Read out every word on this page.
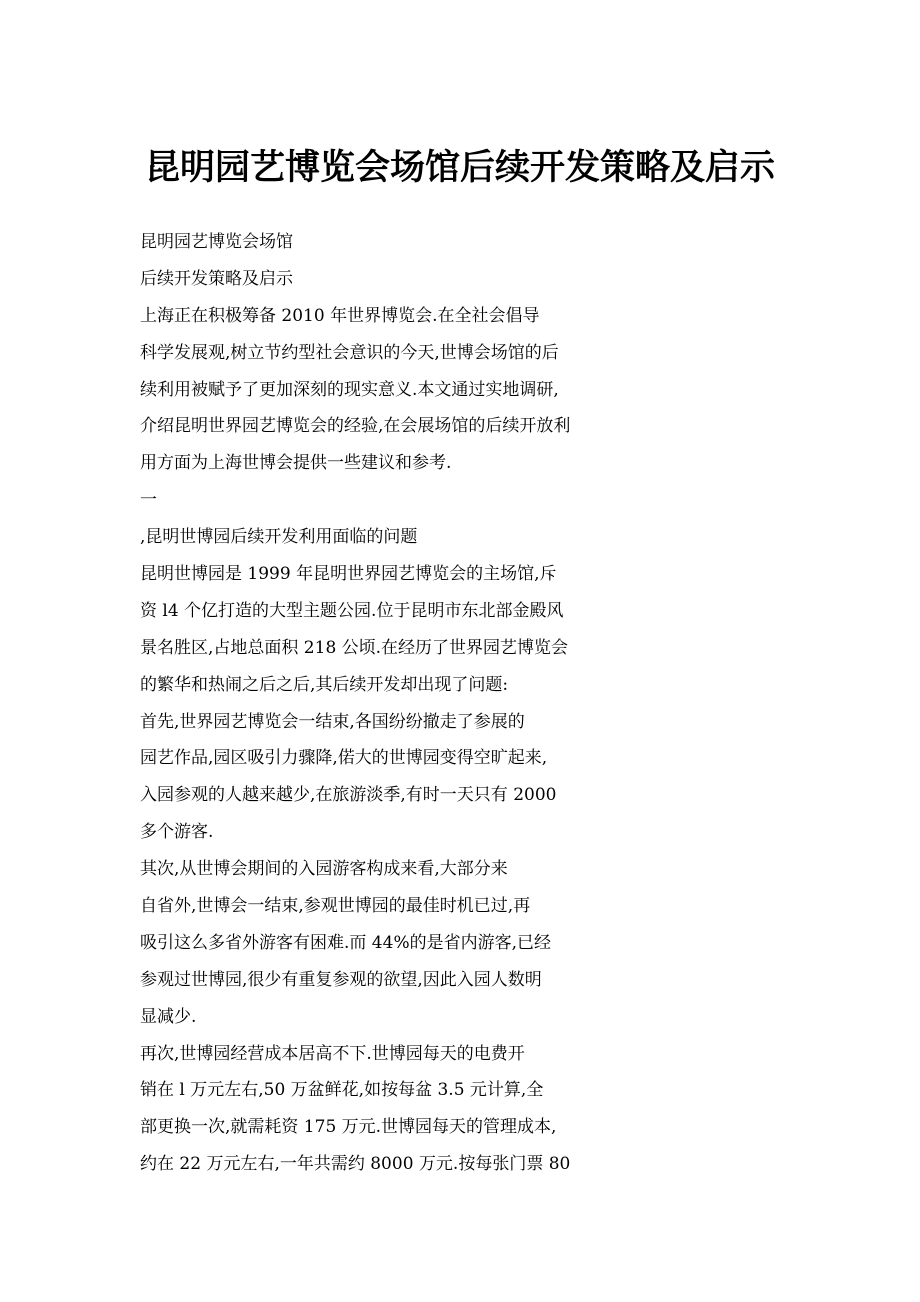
昆明园艺博览会场馆后续开发策略及启示

昆明园艺博览会场馆

后续开发策略及启示

上海正在积极筹备 2010 年世界博览会.在全社会倡导

科学发展观,树立节约型社会意识的今天,世博会场馆的后

续利用被赋予了更加深刻的现实意义.本文通过实地调研,

介绍昆明世界园艺博览会的经验,在会展场馆的后续开放利

用方面为上海世博会提供一些建议和参考.

一

,昆明世博园后续开发利用面临的问题

昆明世博园是 1999 年昆明世界园艺博览会的主场馆,斥

资 l4 个亿打造的大型主题公园.位于昆明市东北部金殿风

景名胜区,占地总面积 218 公顷.在经历了世界园艺博览会

的繁华和热闹之后之后,其后续开发却出现了问题:

首先,世界园艺博览会一结束,各国纷纷撤走了参展的

园艺作品,园区吸引力骤降,偌大的世博园变得空旷起来,

入园参观的人越来越少,在旅游淡季,有时一天只有 2000

多个游客.

其次,从世博会期间的入园游客构成来看,大部分来

自省外,世博会一结束,参观世博园的最佳时机已过,再

吸引这么多省外游客有困难.而 44%的是省内游客,已经

参观过世博园,很少有重复参观的欲望,因此入园人数明

显减少.

再次,世博园经营成本居高不下.世博园每天的电费开

销在 l 万元左右,50 万盆鲜花,如按每盆 3.5 元计算,全

部更换一次,就需耗资 175 万元.世博园每天的管理成本,

约在 22 万元左右,一年共需约 8000 万元.按每张门票 80
